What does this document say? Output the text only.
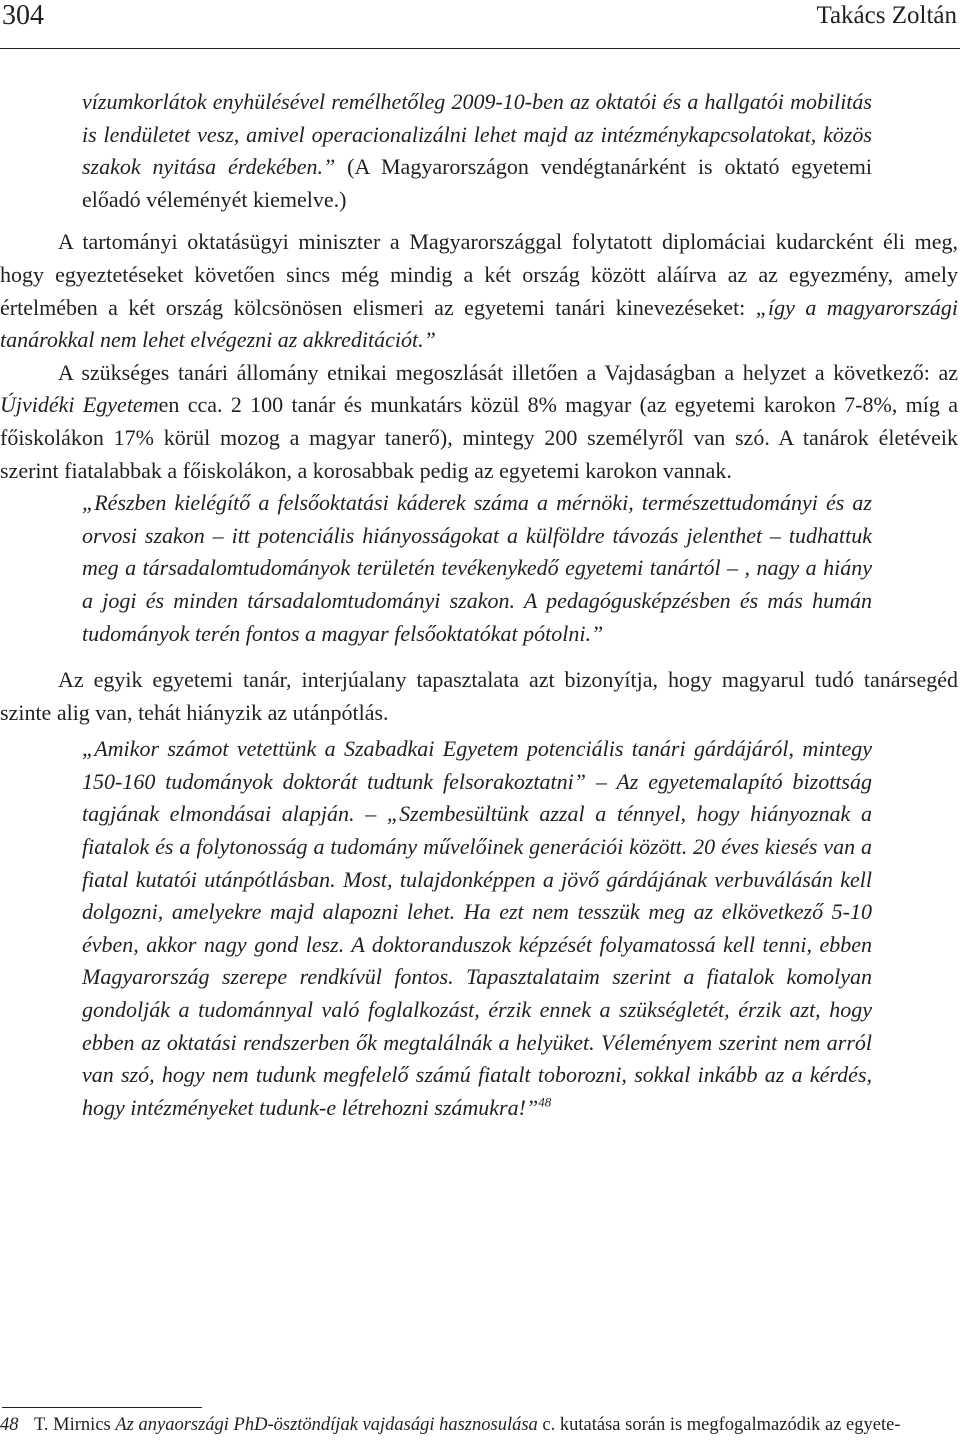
304	Takács Zoltán

vízumkorlátok enyhülésével remélhetőleg 2009-10-ben az oktatói és a hallgatói mobilitás is lendületet vesz, amivel operacionalizálni lehet majd az intézménykapcsolatokat, közös szakok nyitása érdekében.” (A Magyarországon vendégtanárként is oktató egyetemi előadó véleményét kiemelve.)

A tartományi oktatásügyi miniszter a Magyarországgal folytatott diplomáciai kudarcként éli meg, hogy egyeztetéseket követően sincs még mindig a két ország között aláírva az az egyezmény, amely értelmében a két ország kölcsönösen elismeri az egyetemi tanári kinevezéseket: „így a magyarországi tanárokkal nem lehet elvégezni az akkreditációt.”

A szükséges tanári állomány etnikai megoszlását illetően a Vajdaságban a helyzet a következő: az Újvidéki Egyetemen cca. 2 100 tanár és munkatárs közül 8% magyar (az egyetemi karokon 7-8%, míg a főiskolákon 17% körül mozog a magyar tanerő), mintegy 200 személyről van szó. A tanárok életéveik szerint fiatalabbak a főiskolákon, a korosabbak pedig az egyetemi karokon vannak.

„Részben kielégítő a felsőoktatási káderek száma a mérnöki, természettudományi és az orvosi szakon – itt potenciális hiányosságokat a külföldre távozás jelenthet – tudhattuk meg a társadalomtudományok területén tevékenykedő egyetemi tanártól – , nagy a hiány a jogi és minden társadalomtudományi szakon. A pedagógusképzésben és más humán tudományok terén fontos a magyar felsőoktatókat pótolni.”

Az egyik egyetemi tanár, interjúalany tapasztalata azt bizonyítja, hogy magyarul tudó tanársegéd szinte alig van, tehát hiányzik az utánpótlás.

„Amikor számot vetettünk a Szabadkai Egyetem potenciális tanári gárdájáról, mintegy 150-160 tudományok doktorát tudtunk felsorakoztatni” – Az egyetemalapító bizottság tagjának elmondásai alapján. – „Szembesültünk azzal a ténnyel, hogy hiányoznak a fiatalok és a folytonosság a tudomány művelőinek generációi között. 20 éves kiesés van a fiatal kutatói utánpótlásban. Most, tulajdonképpen a jövő gárdájának verbuválásán kell dolgozni, amelyekre majd alapozni lehet. Ha ezt nem tesszük meg az elkövetkező 5-10 évben, akkor nagy gond lesz. A doktoranduszok képzését folyamatossá kell tenni, ebben Magyarország szerepe rendkívül fontos. Tapasztalataim szerint a fiatalok komolyan gondolják a tudománnyal való foglalkozást, érzik ennek a szükségletét, érzik azt, hogy ebben az oktatási rendszerben ők megtalálnák a helyüket. Véleményem szerint nem arról van szó, hogy nem tudunk megfelelő számú fiatalt toborozni, sokkal inkább az a kérdés, hogy intézményeket tudunk-e létrehozni számukra!”$^{48}$

48 T. Mirnics Az anyaországi PhD-ösztöndíjak vajdasági hasznosulása c. kutatása során is megfogalmazódik az egyete-
